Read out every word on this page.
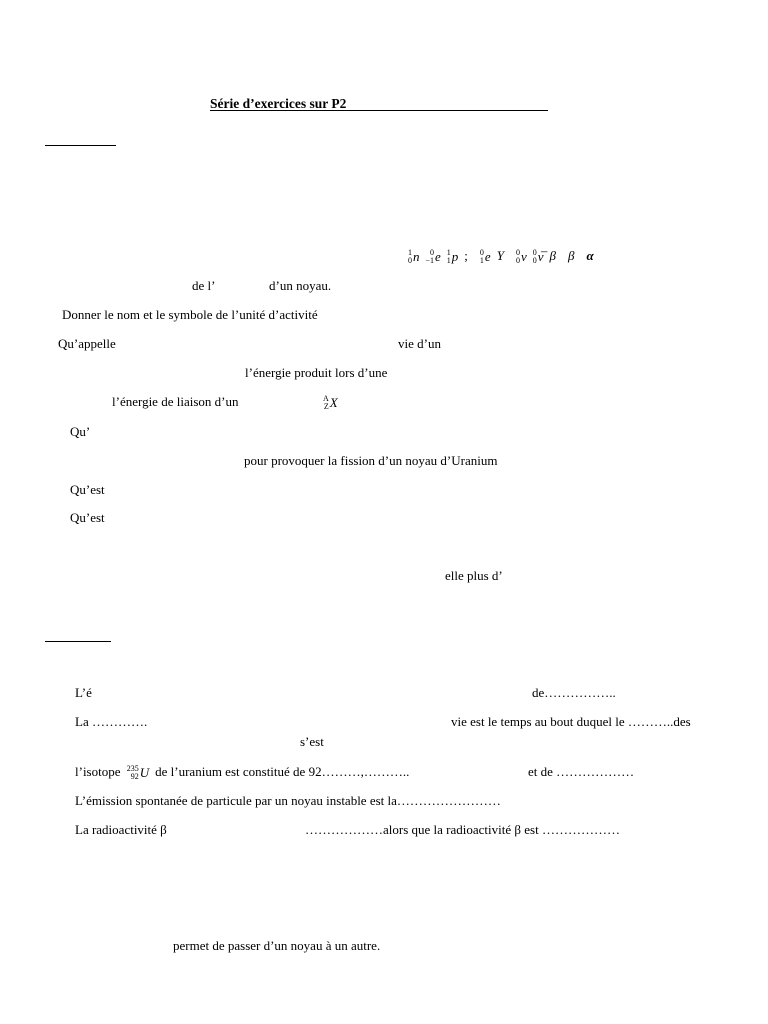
Série d’exercices sur P2
1
0 n	0
−1 e 1
1 p ; 0
1 e Υ 0
0 ν 0
0 ν̅ β β α
de l’	d’un noyau.
Donner le nom et le symbole de l’unité d’activité
Qu’appelle	vie d’un
l’énergie produit lors d’une
l’énergie de liaison d’un	A
Z X
Qu’
pour provoquer la fission d’un noyau d’Uranium
Qu’est
Qu’est
elle plus d’
L’é	de……………..
La ………….	vie est le temps au bout duquel le ………..des
s’est
l’isotope 235
92 U de l’uranium est constitué de 92………,………..	et de ………………
L’émission spontanée de particule par un noyau instable est la……………………
La radioactivité β	………………alors que la radioactivité β est ………………
permet de passer d’un noyau à un autre.
